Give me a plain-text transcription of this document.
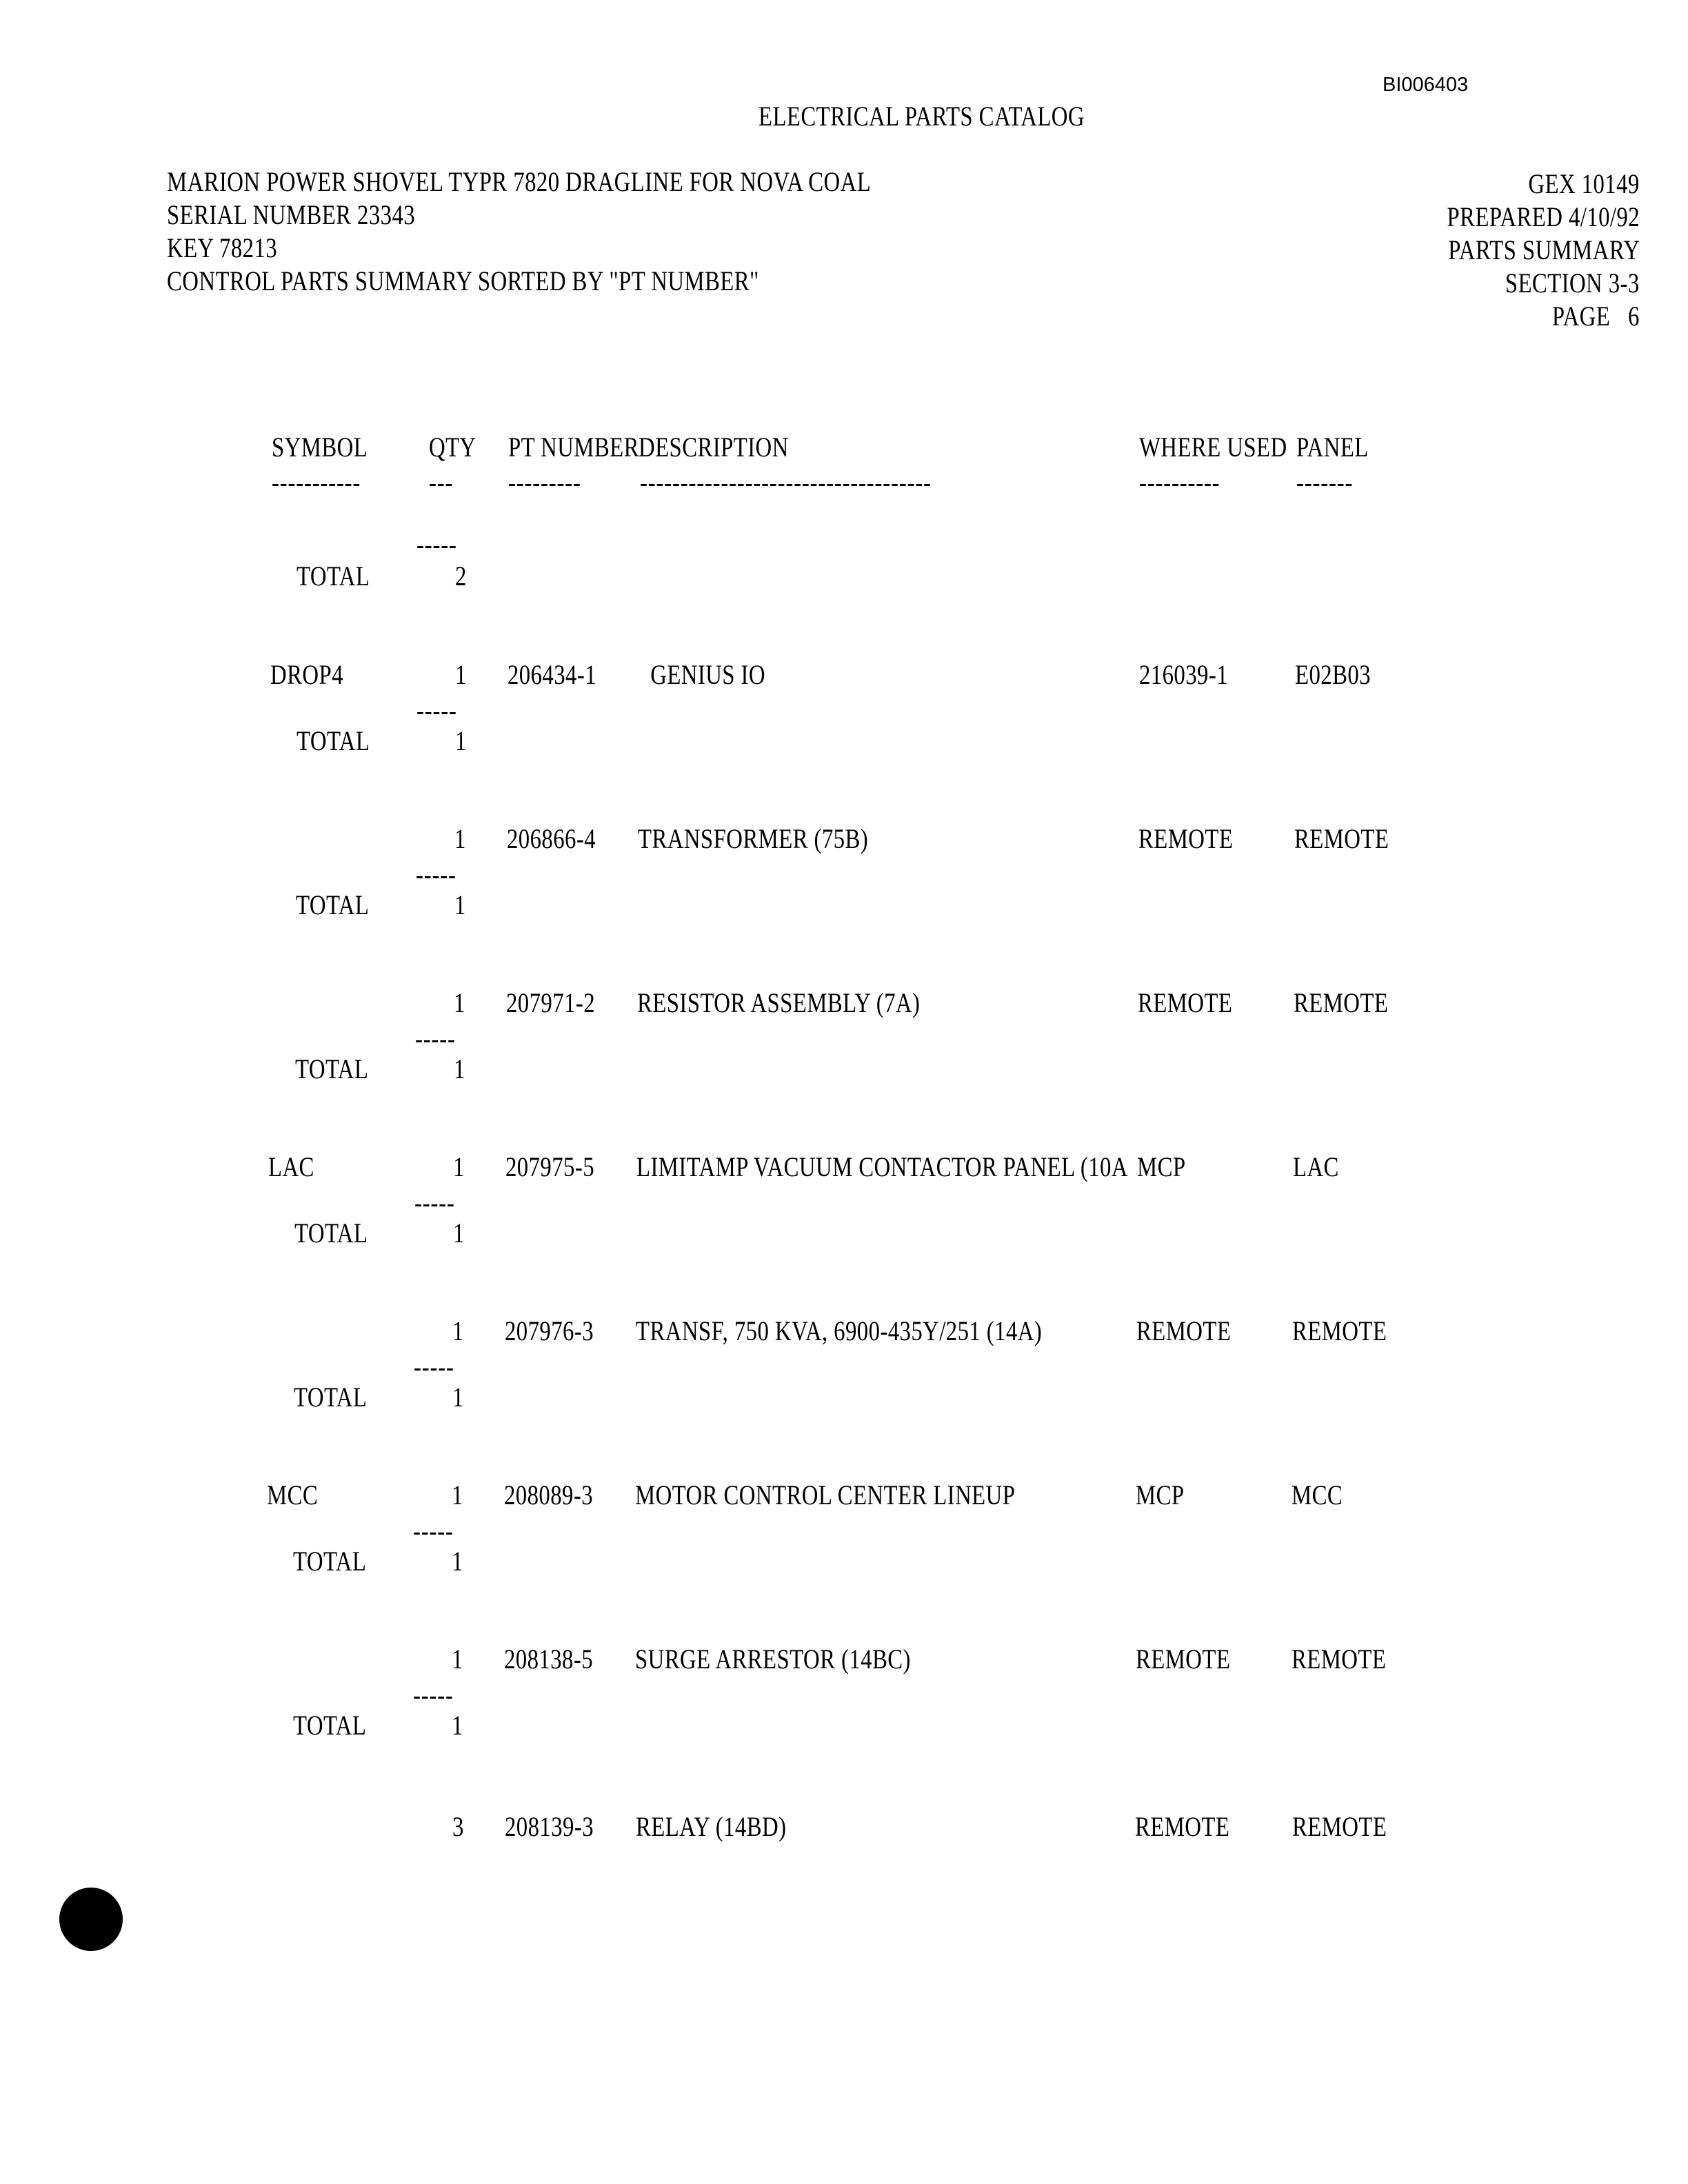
BI006403
ELECTRICAL PARTS CATALOG
MARION POWER SHOVEL TYPR 7820 DRAGLINE FOR NOVA COAL
SERIAL NUMBER 23343
KEY 78213
CONTROL PARTS SUMMARY SORTED BY "PT NUMBER"
GEX 10149
PREPARED 4/10/92
PARTS SUMMARY
SECTION 3-3
PAGE   6
SYMBOL QTY PT NUMBER DESCRIPTION	WHERE USED PANEL
----------- --- --------- ------------------------------------	----------	-------
-----
TOTAL	2
DROP4	1 206434-1 GENIUS IO	216039-1 E02B03
-----
TOTAL	1
1 206866-4 TRANSFORMER (75B)	REMOTE REMOTE
-----
TOTAL	1
1 207971-2 RESISTOR ASSEMBLY (7A)	REMOTE REMOTE
-----
TOTAL	1
LAC	1 207975-5 LIMITAMP VACUUM CONTACTOR PANEL (10A MCP	LAC
-----
TOTAL	1
1 207976-3 TRANSF, 750 KVA, 6900-435Y/251 (14A)	REMOTE REMOTE
-----
TOTAL	1
MCC	1 208089-3 MOTOR CONTROL CENTER LINEUP	MCP	MCC
-----
TOTAL	1
1 208138-5 SURGE ARRESTOR (14BC)	REMOTE REMOTE
-----
TOTAL	1
3 208139-3 RELAY (14BD)	REMOTE REMOTE
